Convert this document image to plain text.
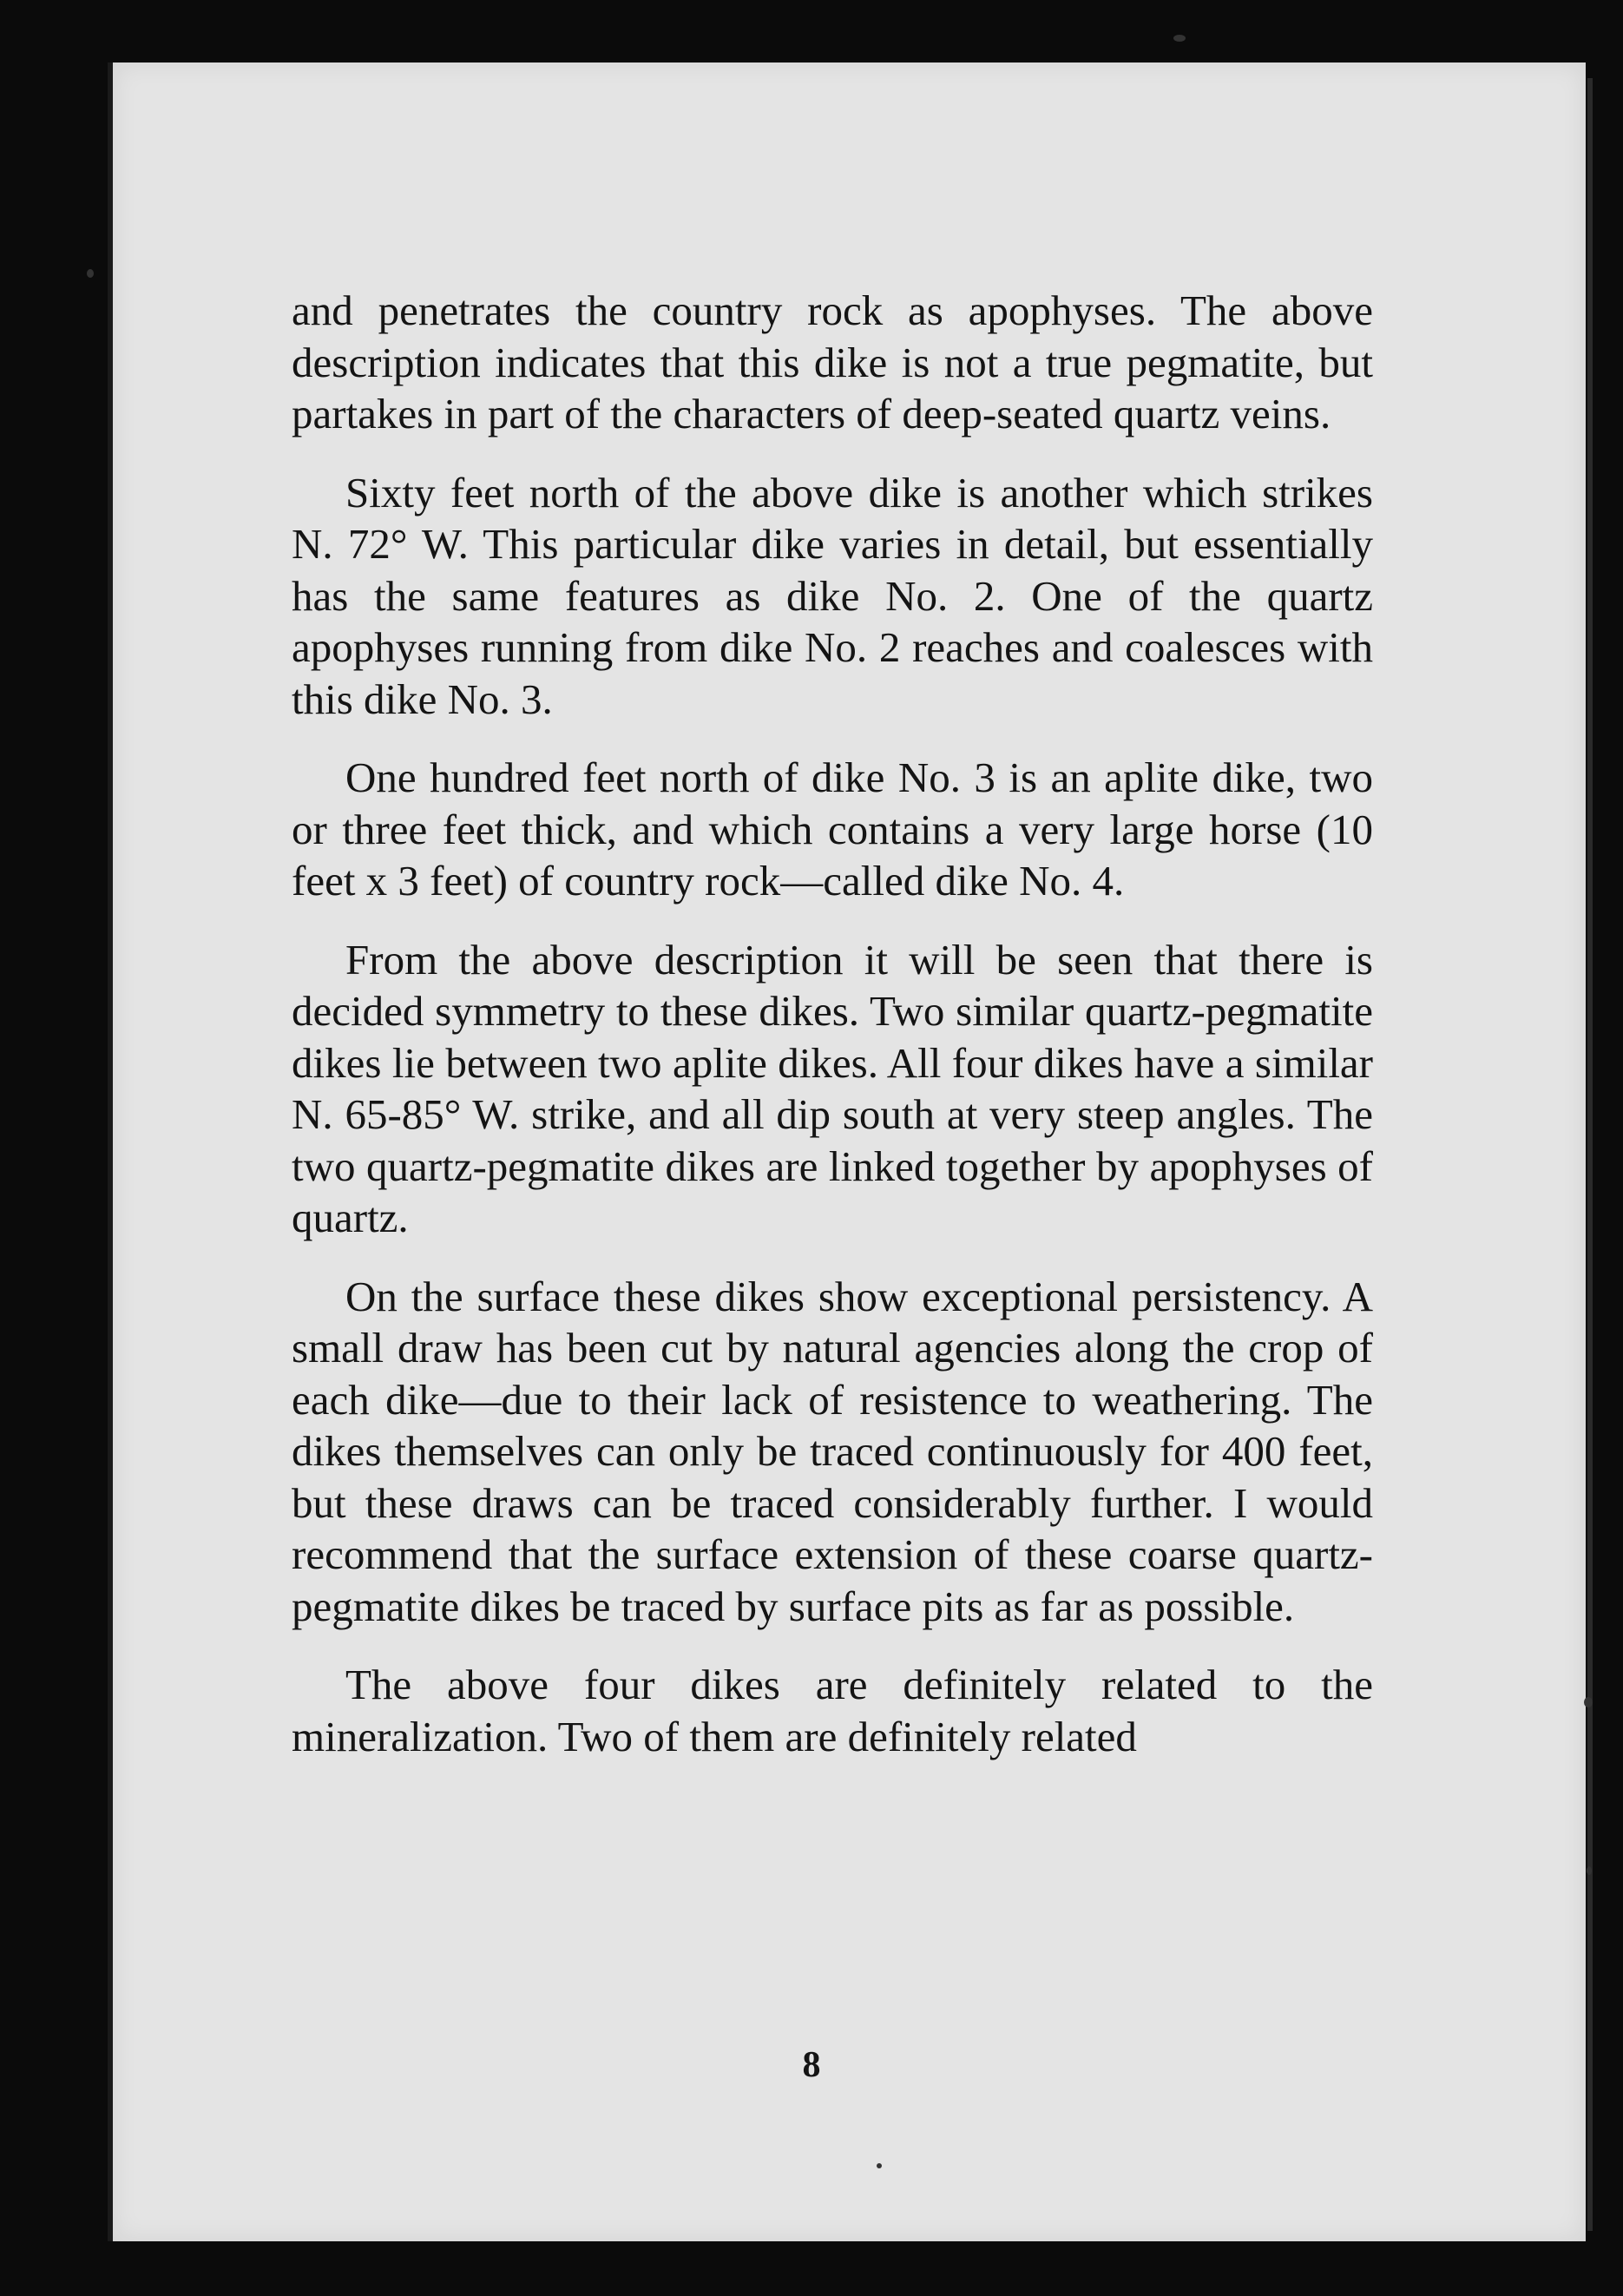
and penetrates the country rock as apophyses. The above description indicates that this dike is not a true pegmatite, but partakes in part of the characters of deep-seated quartz veins.

Sixty feet north of the above dike is another which strikes N. 72° W. This particular dike varies in detail, but essentially has the same features as dike No. 2. One of the quartz apophyses running from dike No. 2 reaches and coalesces with this dike No. 3.

One hundred feet north of dike No. 3 is an aplite dike, two or three feet thick, and which contains a very large horse (10 feet x 3 feet) of country rock—called dike No. 4.

From the above description it will be seen that there is decided symmetry to these dikes. Two similar quartz-pegmatite dikes lie between two aplite dikes. All four dikes have a similar N. 65-85° W. strike, and all dip south at very steep angles. The two quartz-pegmatite dikes are linked together by apophyses of quartz.

On the surface these dikes show exceptional persistency. A small draw has been cut by natural agencies along the crop of each dike—due to their lack of resistence to weathering. The dikes themselves can only be traced continuously for 400 feet, but these draws can be traced considerably further. I would recommend that the surface extension of these coarse quartz-pegmatite dikes be traced by surface pits as far as possible.

The above four dikes are definitely related to the mineralization. Two of them are definitely related

8
